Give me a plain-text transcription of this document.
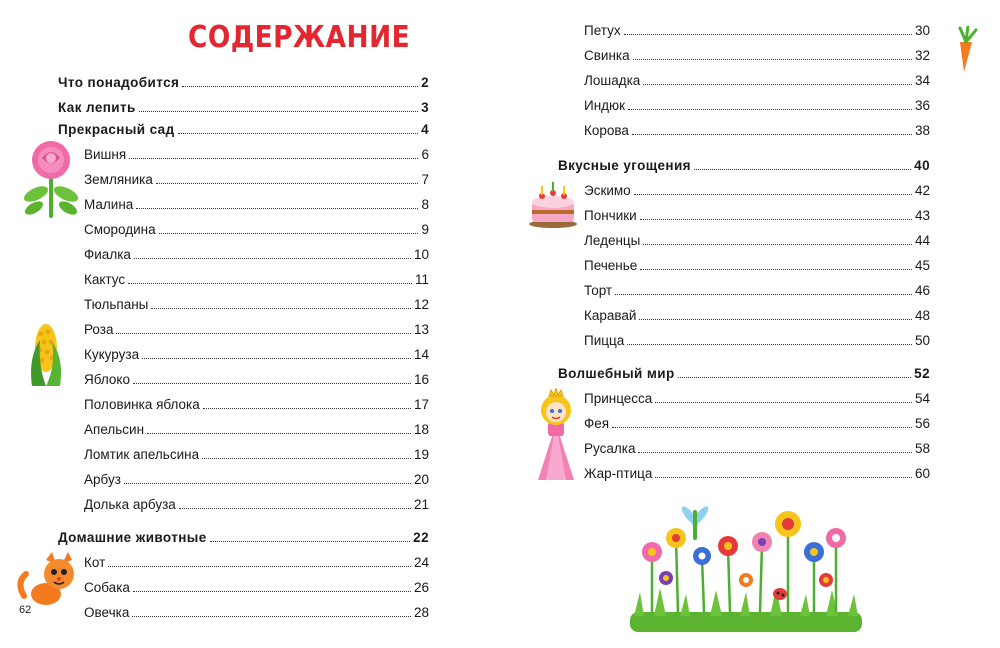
СОДЕРЖАНИЕ
Что понадобится	2
Как лепить	3
Прекрасный сад	4
Вишня	6
Земляника	7
Малина	8
Смородина	9
Фиалка	10
Кактус	11
Тюльпаны	12
Роза	13
Кукуруза	14
Яблоко	16
Половинка яблока	17
Апельсин	18
Ломтик апельсина	19
Арбуз	20
Долька арбуза	21
Домашние животные	22
Кот	24
Собака	26
Овечка	28
Петух	30
Свинка	32
Лошадка	34
Индюк	36
Корова	38
Вкусные угощения	40
Эскимо	42
Пончики	43
Леденцы	44
Печенье	45
Торт	46
Каравай	48
Пицца	50
Волшебный мир	52
Принцесса	54
Фея	56
Русалка	58
Жар-птица	60
62
